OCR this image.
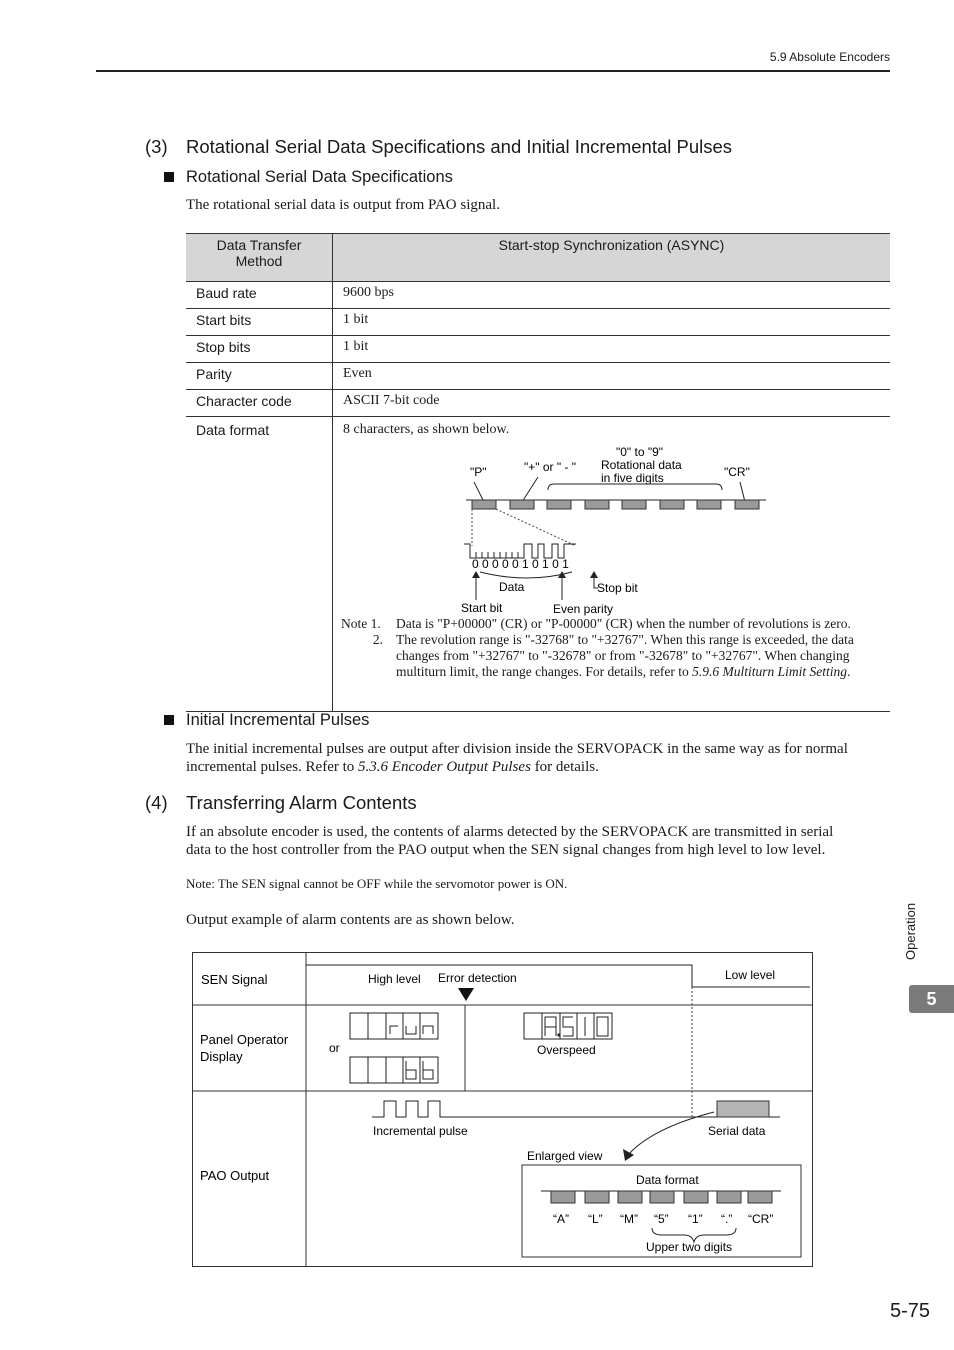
5.9 Absolute Encoders
(3) Rotational Serial Data Specifications and Initial Incremental Pulses
Rotational Serial Data Specifications
The rotational serial data is output from PAO signal.
Data Transfer Method	Start-stop Synchronization (ASYNC)
Baud rate	9600 bps
Start bits	1 bit
Stop bits	1 bit
Parity	Even
Character code	ASCII 7-bit code
Data format	8 characters, as shown below.
"P"	"+" or " - "
"0" to "9"
Rotational data
in five digits	"CR"
0 0 0 0 0 1 0 1 0 1
Data	Stop bit
Start bit	Even parity
Note 1.	Data is "P+00000" (CR) or "P-00000" (CR) when the number of revolutions is zero.
2. The revolution range is "-32768" to "+32767". When this range is exceeded, the data
changes from "+32767" to "-32678" or from "-32678" to "+32767". When changing
multiturn limit, the range changes. For details, refer to 5.9.6 Multiturn Limit Setting.
Initial Incremental Pulses
The initial incremental pulses are output after division inside the SERVOPACK in the same way as for normal
incremental pulses. Refer to 5.3.6 Encoder Output Pulses for details.
(4) Transferring Alarm Contents
If an absolute encoder is used, the contents of alarms detected by the SERVOPACK are transmitted in serial
data to the host controller from the PAO output when the SEN signal changes from high level to low level.
Note: The SEN signal cannot be OFF while the servomotor power is ON.
Output example of alarm contents are as shown below.
SEN Signal	High level Error detection	Low level
Panel Operator
Display
or	Overspeed
PAO Output
Incremental pulse	Serial data
Enlarged view
Data format
“A” “L” “M” “5” “1” “.” “CR”
Upper two digits
Operation
5
5-75
